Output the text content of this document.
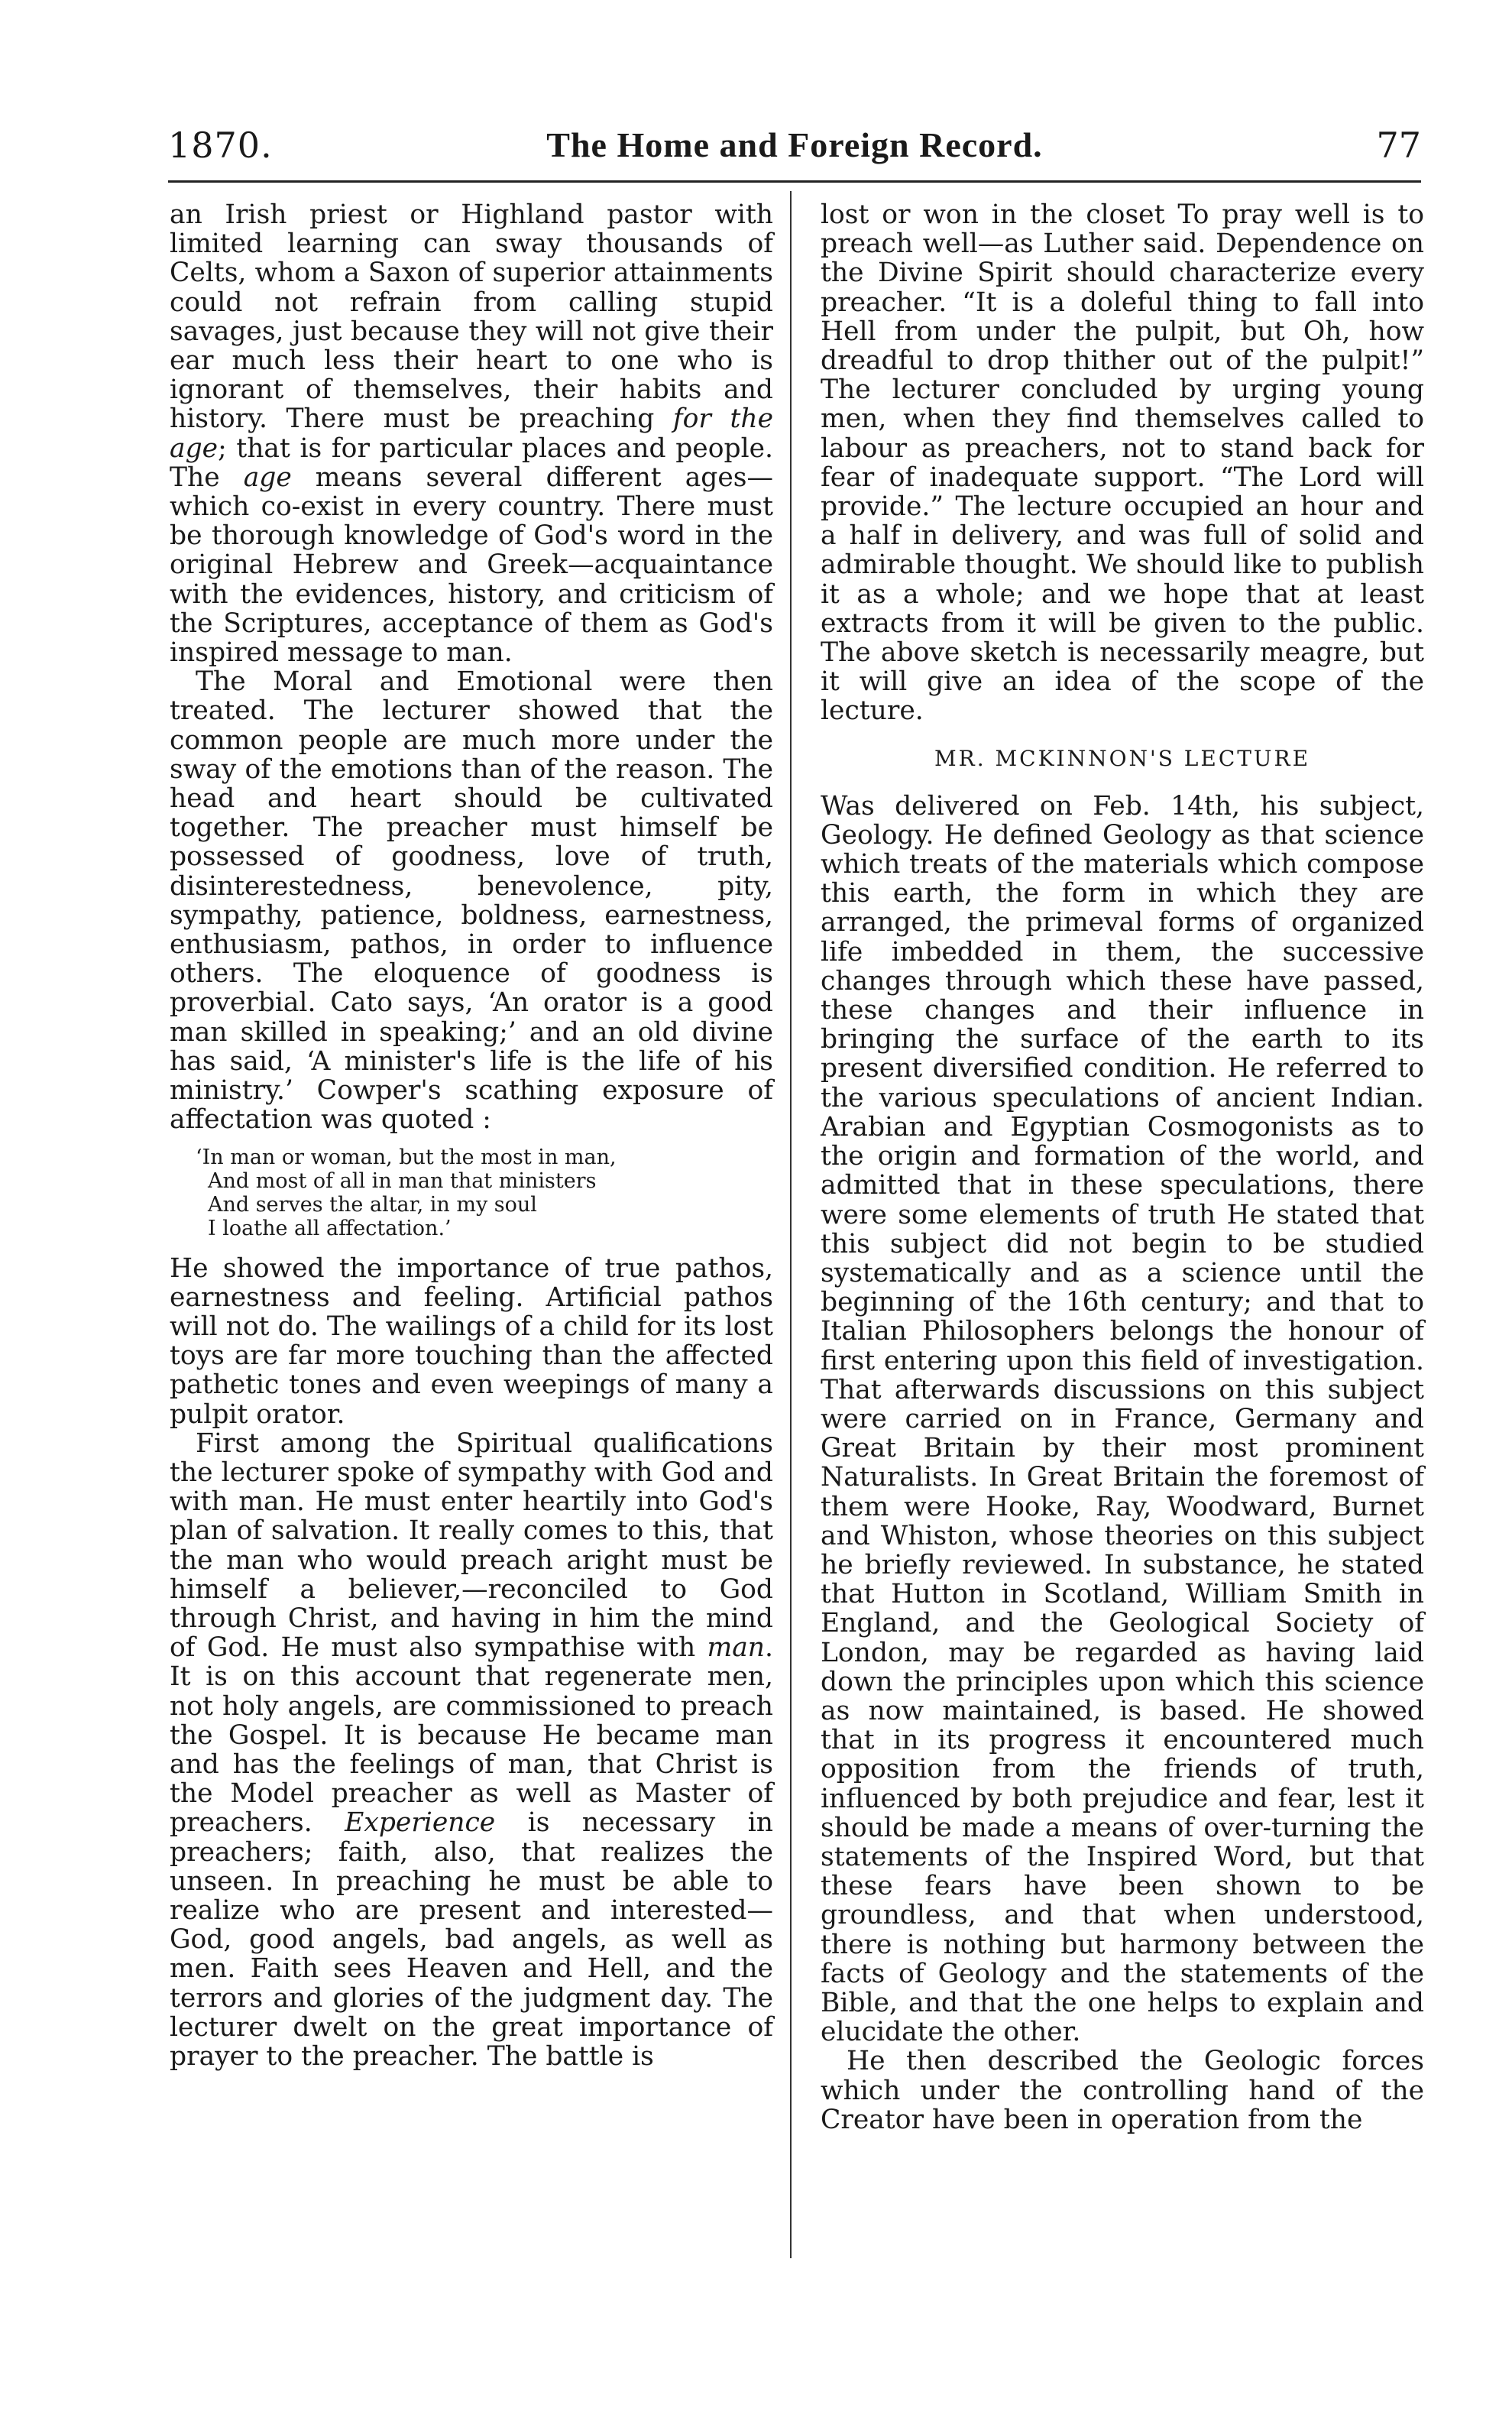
1870.	The Home and Foreign Record.	77

an Irish priest or Highland pastor with limited learning can sway thousands of Celts, whom a Saxon of superior attainments could not refrain from calling stupid savages, just because they will not give their ear much less their heart to one who is ignorant of themselves, their habits and history. There must be preaching for the age; that is for particular places and people. The age means several different ages—which co-exist in every country. There must be thorough knowledge of God's word in the original Hebrew and Greek—acquaintance with the evidences, history, and criticism of the Scriptures, acceptance of them as God's inspired message to man.

The Moral and Emotional were then treated. The lecturer showed that the common people are much more under the sway of the emotions than of the reason. The head and heart should be cultivated together. The preacher must himself be possessed of goodness, love of truth, disinterestedness, benevolence, pity, sympathy, patience, boldness, earnestness, enthusiasm, pathos, in order to influence others. The eloquence of goodness is proverbial. Cato says, ‘An orator is a good man skilled in speaking;’ and an old divine has said, ‘A minister's life is the life of his ministry.’ Cowper's scathing exposure of affectation was quoted :

‘In man or woman, but the most in man,
And most of all in man that ministers
And serves the altar, in my soul
I loathe all affectation.’

He showed the importance of true pathos, earnestness and feeling. Artificial pathos will not do. The wailings of a child for its lost toys are far more touching than the affected pathetic tones and even weepings of many a pulpit orator.

First among the Spiritual qualifications the lecturer spoke of sympathy with God and with man. He must enter heartily into God's plan of salvation. It really comes to this, that the man who would preach aright must be himself a believer,—reconciled to God through Christ, and having in him the mind of God. He must also sympathise with man. It is on this account that regenerate men, not holy angels, are commissioned to preach the Gospel. It is because He became man and has the feelings of man, that Christ is the Model preacher as well as Master of preachers. Experience is necessary in preachers; faith, also, that realizes the unseen. In preaching he must be able to realize who are present and interested—God, good angels, bad angels, as well as men. Faith sees Heaven and Hell, and the terrors and glories of the judgment day. The lecturer dwelt on the great importance of prayer to the preacher. The battle is

lost or won in the closet To pray well is to preach well—as Luther said. Dependence on the Divine Spirit should characterize every preacher. “It is a doleful thing to fall into Hell from under the pulpit, but Oh, how dreadful to drop thither out of the pulpit!” The lecturer concluded by urging young men, when they find themselves called to labour as preachers, not to stand back for fear of inadequate support. “The Lord will provide.” The lecture occupied an hour and a half in delivery, and was full of solid and admirable thought. We should like to publish it as a whole; and we hope that at least extracts from it will be given to the public. The above sketch is necessarily meagre, but it will give an idea of the scope of the lecture.

MR. MCKINNON'S LECTURE

Was delivered on Feb. 14th, his subject, Geology. He defined Geology as that science which treats of the materials which compose this earth, the form in which they are arranged, the primeval forms of organized life imbedded in them, the successive changes through which these have passed, these changes and their influence in bringing the surface of the earth to its present diversified condition. He referred to the various speculations of ancient Indian. Arabian and Egyptian Cosmogonists as to the origin and formation of the world, and admitted that in these speculations, there were some elements of truth He stated that this subject did not begin to be studied systematically and as a science until the beginning of the 16th century; and that to Italian Philosophers belongs the honour of first entering upon this field of investigation. That afterwards discussions on this subject were carried on in France, Germany and Great Britain by their most prominent Naturalists. In Great Britain the foremost of them were Hooke, Ray, Woodward, Burnet and Whiston, whose theories on this subject he briefly reviewed. In substance, he stated that Hutton in Scotland, William Smith in England, and the Geological Society of London, may be regarded as having laid down the principles upon which this science as now maintained, is based. He showed that in its progress it encountered much opposition from the friends of truth, influenced by both prejudice and fear, lest it should be made a means of over-turning the statements of the Inspired Word, but that these fears have been shown to be groundless, and that when understood, there is nothing but harmony between the facts of Geology and the statements of the Bible, and that the one helps to explain and elucidate the other.

He then described the Geologic forces which under the controlling hand of the Creator have been in operation from the
